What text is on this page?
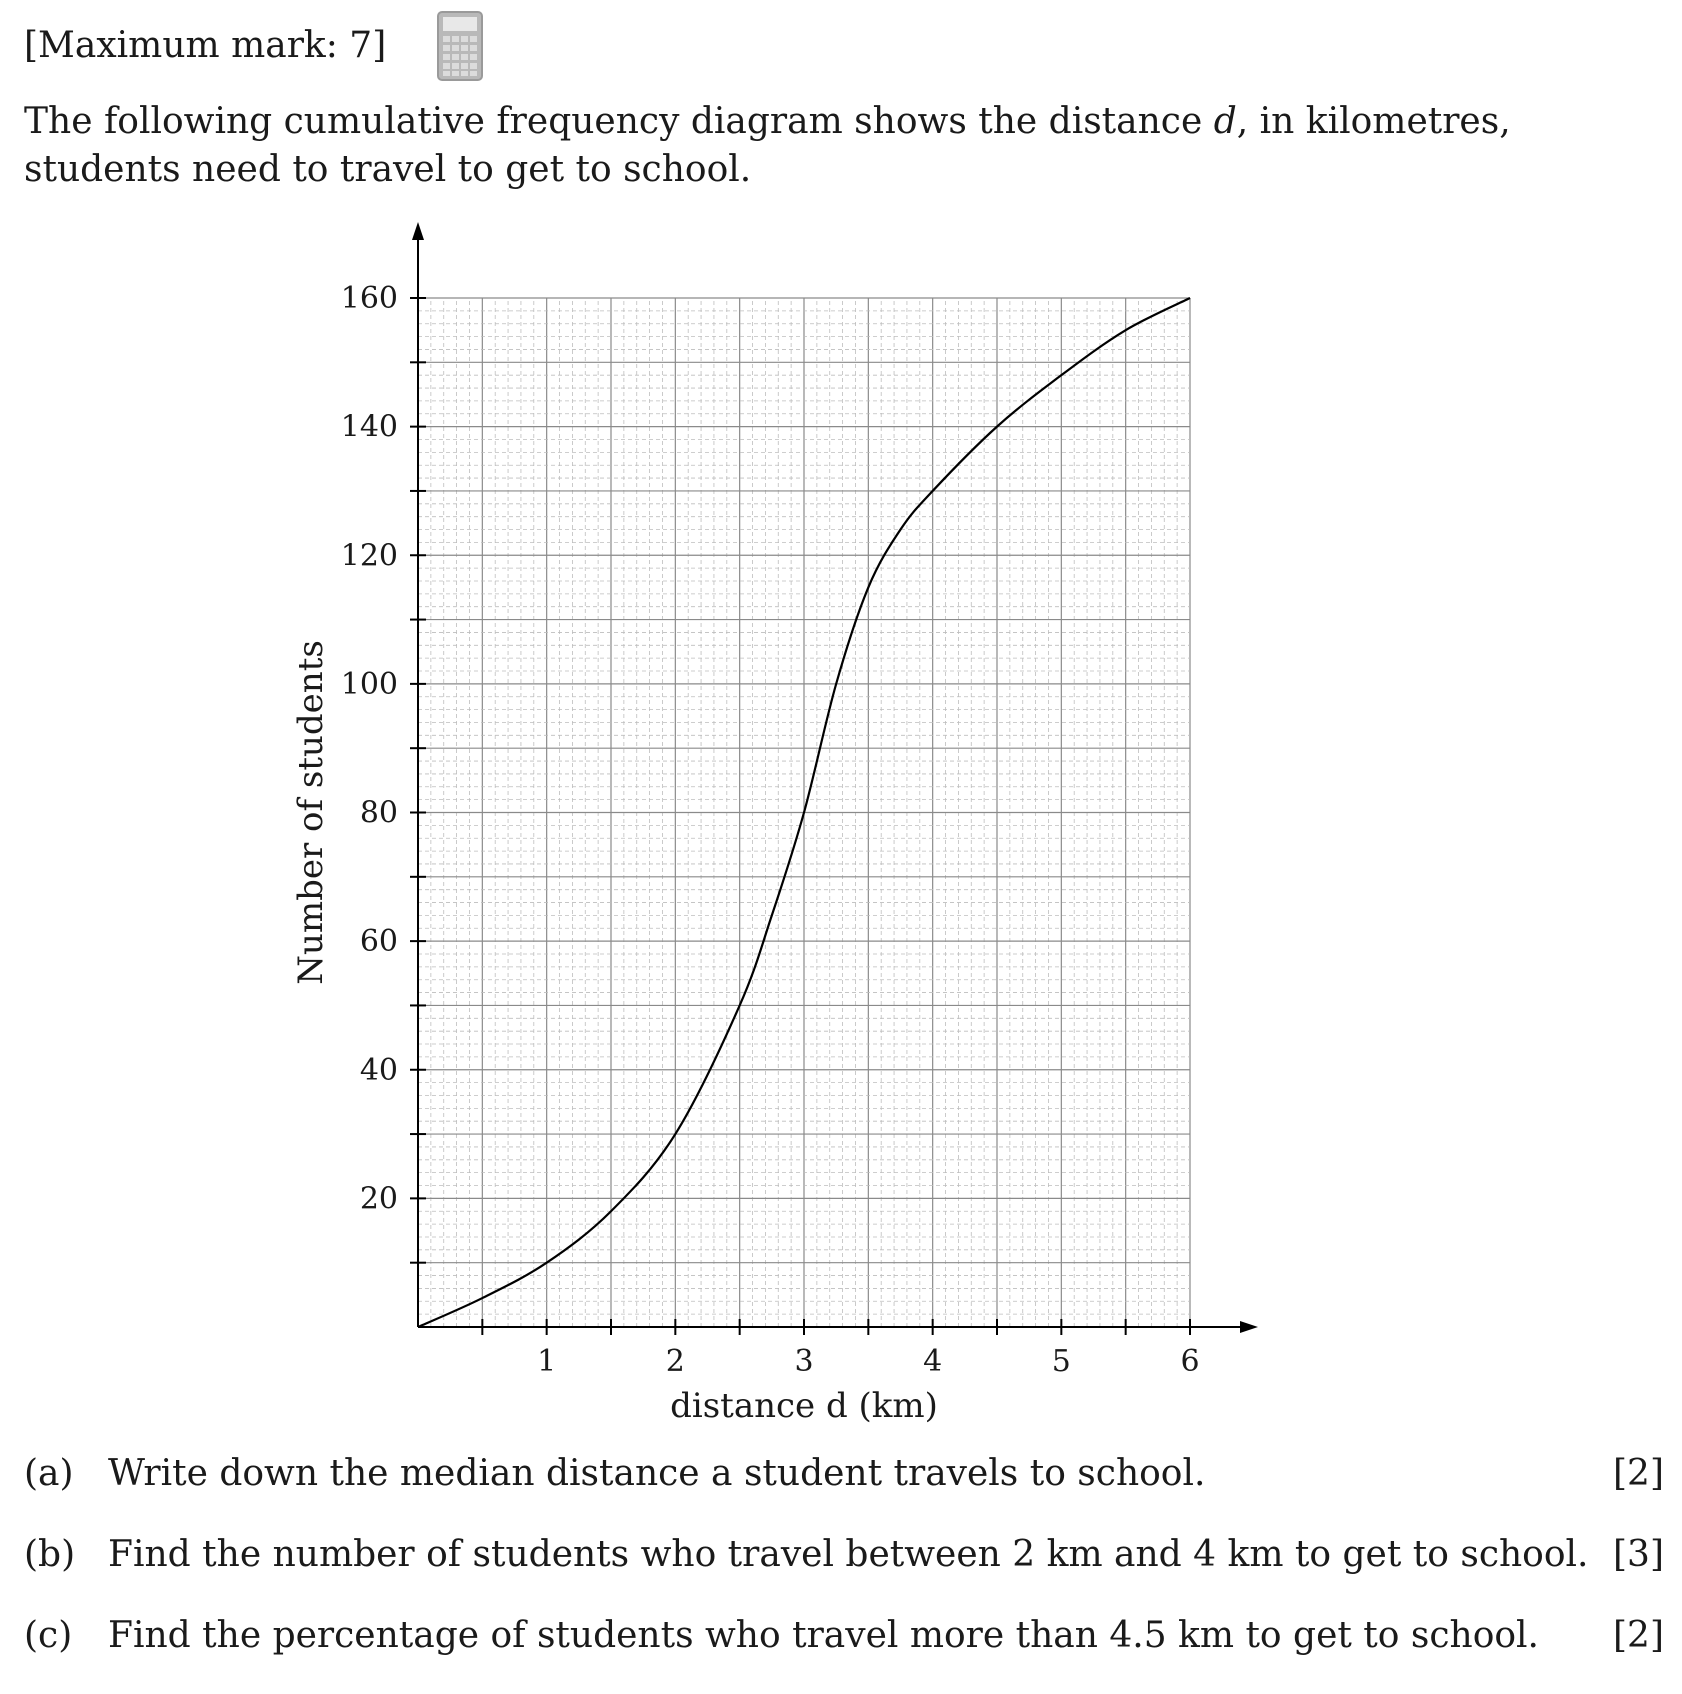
[Maximum mark: 7]

The following cumulative frequency diagram shows the distance d, in kilometres, students need to travel to get to school.

1	2	3	4	5	6
20
40
60
80
100
120
140
160
distance d (km)
Number of students
(a) Write down the median distance a student travels to school.	[2]
(b) Find the number of students who travel between 2 km and 4 km to get to school. [3]
(c) Find the percentage of students who travel more than 4.5 km to get to school. [2]
